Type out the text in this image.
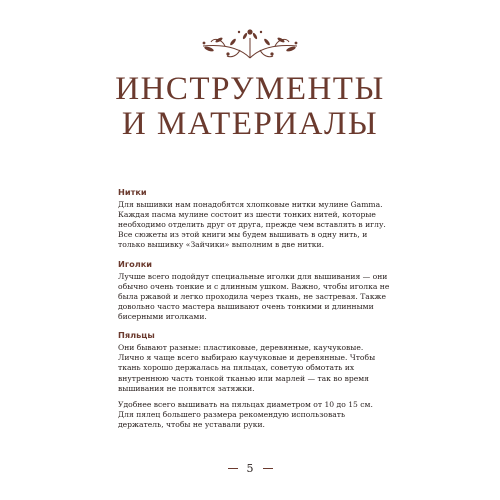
ИНСТРУМЕНТЫ
И МАТЕРИАЛЫ
Нитки

Для вышивки нам понадобятся хлопковые нитки мулине Gamma. Каждая пасма мулине состоит из шести тонких нитей, которые необходимо отделить друг от друга, прежде чем вставлять в иглу. Все сюжеты из этой книги мы будем вышивать в одну нить, и только вышивку «Зайчики» выполним в две нитки.

Иголки

Лучше всего подойдут специальные иголки для вышивания — они обычно очень тонкие и с длинным ушком. Важно, чтобы иголка не была ржавой и легко проходила через ткань, не застревая. Также довольно часто мастера вышивают очень тонкими и длинными бисерными иголками.

Пяльцы

Они бывают разные: пластиковые, деревянные, каучуковые. Лично я чаще всего выбираю каучуковые и деревянные. Чтобы ткань хорошо держалась на пяльцах, советую обмотать их внутреннюю часть тонкой тканью или марлей — так во время вышивания не появятся затяжки.

Удобнее всего вышивать на пяльцах диаметром от 10 до 15 см. Для пялец большего размера рекомендую использовать держатель, чтобы не уставали руки.

5
